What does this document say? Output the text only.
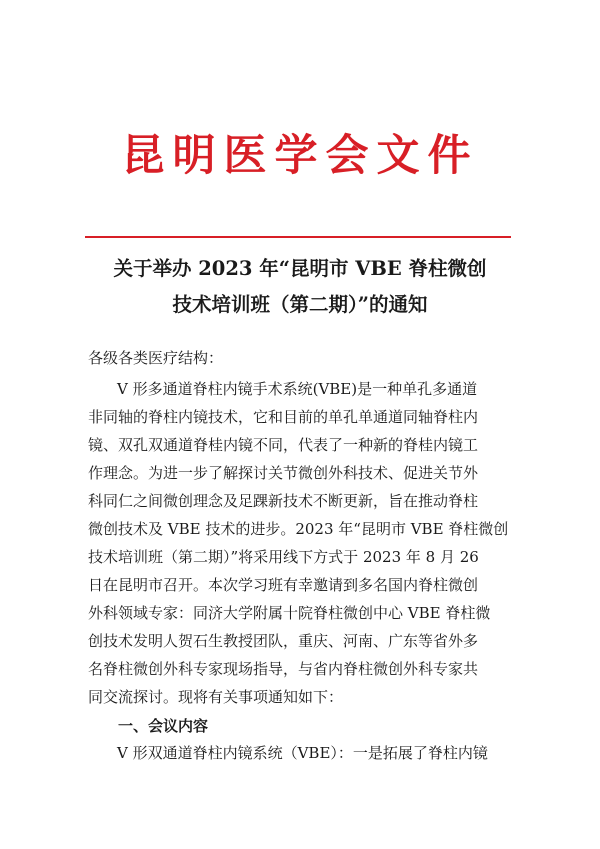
昆明医学会文件
关于举办 2023 年“昆明市 VBE 脊柱微创
技术培训班（第二期）”的通知
各级各类医疗结构：
V 形多通道脊柱内镜手术系统(VBE)是一种单孔多通道
非同轴的脊柱内镜技术，它和目前的单孔单通道同轴脊柱内
镜、双孔双通道脊桂内镜不同，代表了一种新的脊桂内镜工
作理念。为进一步了解探讨关节微创外科技术、促进关节外
科同仁之间微创理念及足踝新技术不断更新，旨在推动脊柱
微创技术及 VBE 技术的进步。2023 年“昆明市 VBE 脊柱微创
技术培训班（第二期）”将采用线下方式于 2023 年 8 月 26
日在昆明市召开。本次学习班有幸邀请到多名国内脊柱微创
外科领域专家：同济大学附属十院脊柱微创中心 VBE 脊柱微
创技术发明人贺石生教授团队，重庆、河南、广东等省外多
名脊柱微创外科专家现场指导，与省内脊柱微创外科专家共
同交流探讨。现将有关事项通知如下：
一、会议内容
V 形双通道脊柱内镜系统（VBE）：一是拓展了脊柱内镜
